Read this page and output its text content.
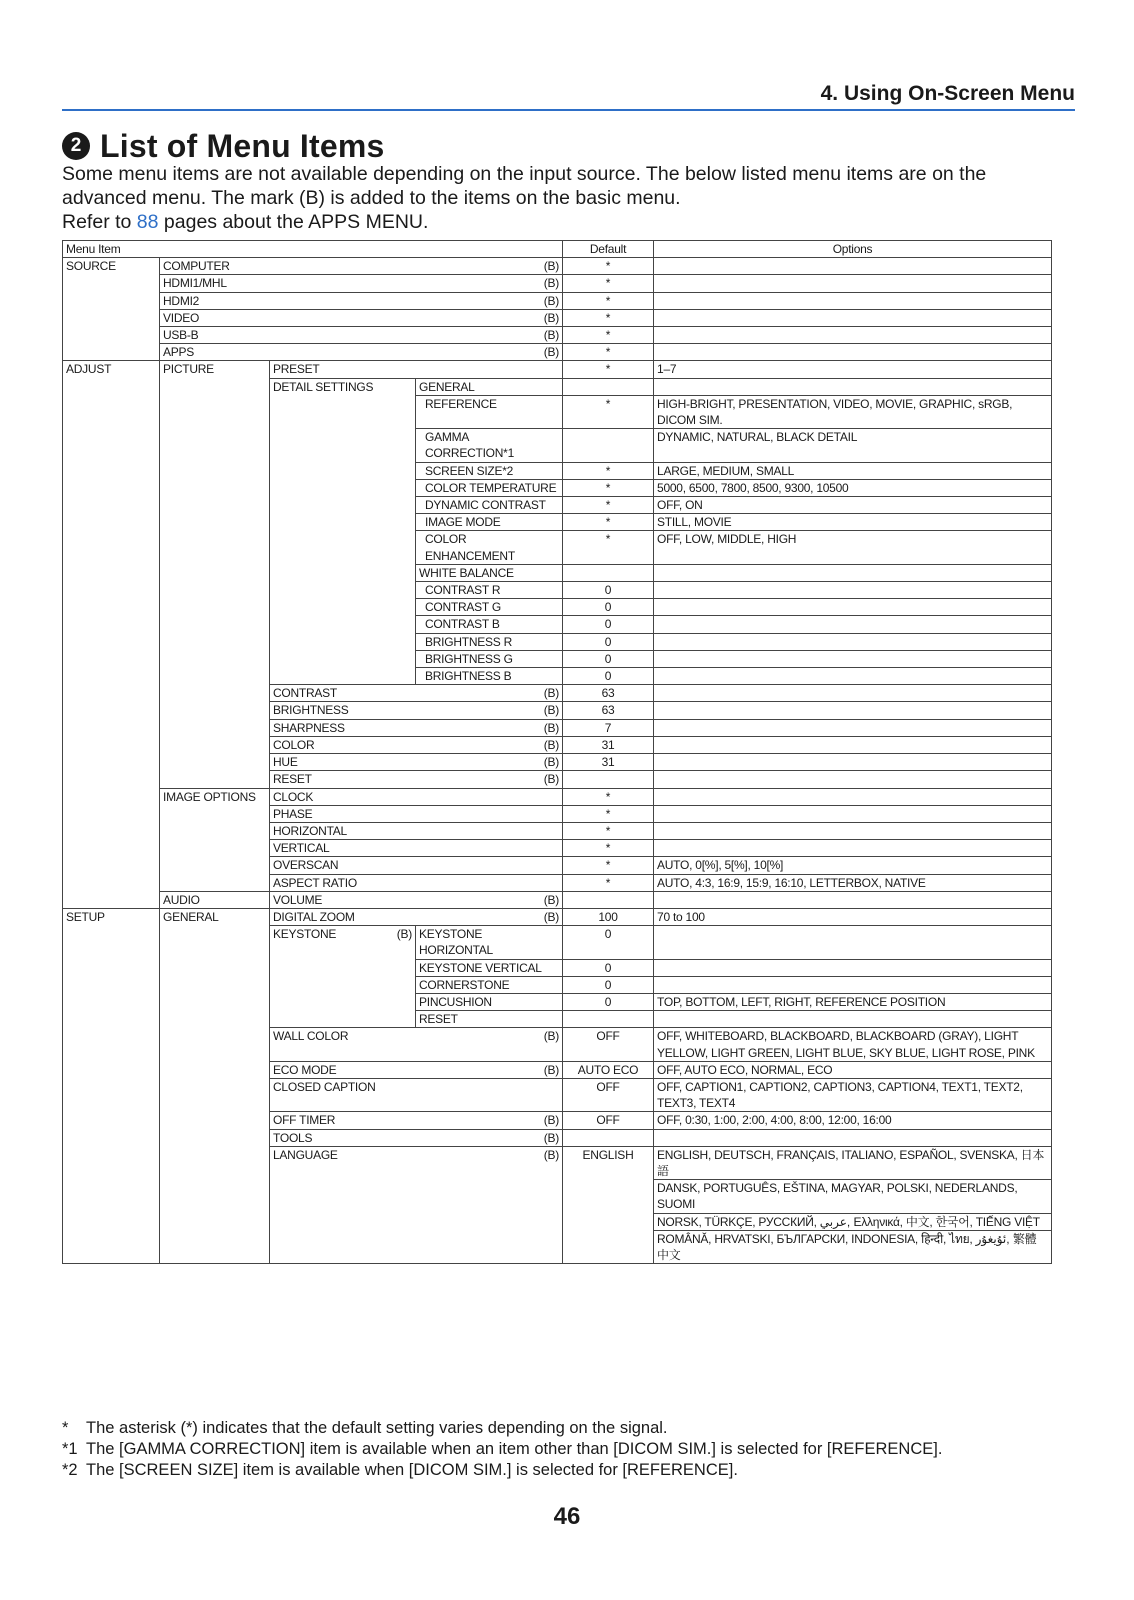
4. Using On-Screen Menu
2 List of Menu Items

Some menu items are not available depending on the input source. The below listed menu items are on the advanced menu. The mark (B) is added to the items on the basic menu.

Refer to 88 pages about the APPS MENU.

Menu Item				Default	Options
SOURCE	COMPUTER (B)			*	

	HDMI1/MHL (B)			*	

	HDMI2 (B)			*	

	VIDEO (B)			*	

	USB-B (B)			*	

	APPS (B)			*	
ADJUST	PICTURE	PRESET		*	1–7
		DETAIL SETTINGS	GENERAL		

			REFERENCE	*	HIGH-BRIGHT, PRESENTATION, VIDEO, MOVIE, GRAPHIC, sRGB, DICOM SIM.

			GAMMA CORRECTION*1		DYNAMIC, NATURAL, BLACK DETAIL

			SCREEN SIZE*2	*	LARGE, MEDIUM, SMALL

			COLOR TEMPERATURE	*	5000, 6500, 7800, 8500, 9300, 10500

			DYNAMIC CONTRAST	*	OFF, ON

			IMAGE MODE	*	STILL, MOVIE

			COLOR ENHANCEMENT	*	OFF, LOW, MIDDLE, HIGH
			WHITE BALANCE		

			CONTRAST R	0	

			CONTRAST G	0	

			CONTRAST B	0	

			BRIGHTNESS R	0	

			BRIGHTNESS G	0	

			BRIGHTNESS B	0	

		CONTRAST (B)		63	

		BRIGHTNESS (B)		63	

		SHARPNESS (B)		7	

		COLOR (B)		31	

		HUE (B)		31	

		RESET (B)			

	IMAGE OPTIONS	CLOCK		*	
		PHASE		*	
		HORIZONTAL		*	
		VERTICAL		*	
		OVERSCAN		*	AUTO, 0[%], 5[%], 10[%]
		ASPECT RATIO		*	AUTO, 4:3, 16:9, 15:9, 16:10, LETTERBOX, NATIVE
	AUDIO	VOLUME (B)			

SETUP	GENERAL	DIGITAL ZOOM (B)		100	70 to 100

		KEYSTONE (B)	KEYSTONE HORIZONTAL	0	
			KEYSTONE VERTICAL	0	
			CORNERSTONE	0	
			PINCUSHION	0	TOP, BOTTOM, LEFT, RIGHT, REFERENCE POSITION
			RESET		

		WALL COLOR (B)		OFF	OFF, WHITEBOARD, BLACKBOARD, BLACKBOARD (GRAY), LIGHT YELLOW, LIGHT GREEN, LIGHT BLUE, SKY BLUE, LIGHT ROSE, PINK

		ECO MODE (B)		AUTO ECO	OFF, AUTO ECO, NORMAL, ECO
		CLOSED CAPTION		OFF	OFF, CAPTION1, CAPTION2, CAPTION3, CAPTION4, TEXT1, TEXT2, TEXT3, TEXT4

		OFF TIMER (B)		OFF	OFF, 0:30, 1:00, 2:00, 4:00, 8:00, 12:00, 16:00

		TOOLS (B)			

		LANGUAGE (B)		ENGLISH	ENGLISH, DEUTSCH, FRANÇAIS, ITALIANO, ESPAÑOL, SVENSKA, 日本語
					DANSK, PORTUGUÊS, EŠTINA, MAGYAR, POLSKI, NEDERLANDS, SUOMI
					NORSK, TÜRKÇE, РУССКИЙ, عربي, Ελληνικά, 中文, 한국어, TIẾNG VIỆT
					ROMÂNĂ, HRVATSKI, БЪЛГАРСКИ, INDONESIA, हिन्दी, ไทย, ئۇيغۇر, 繁體中文
*	The asterisk (*) indicates that the default setting varies depending on the signal.
*1 The [GAMMA CORRECTION] item is available when an item other than [DICOM SIM.] is selected for [REFERENCE].
*2 The [SCREEN SIZE] item is available when [DICOM SIM.] is selected for [REFERENCE].
46
